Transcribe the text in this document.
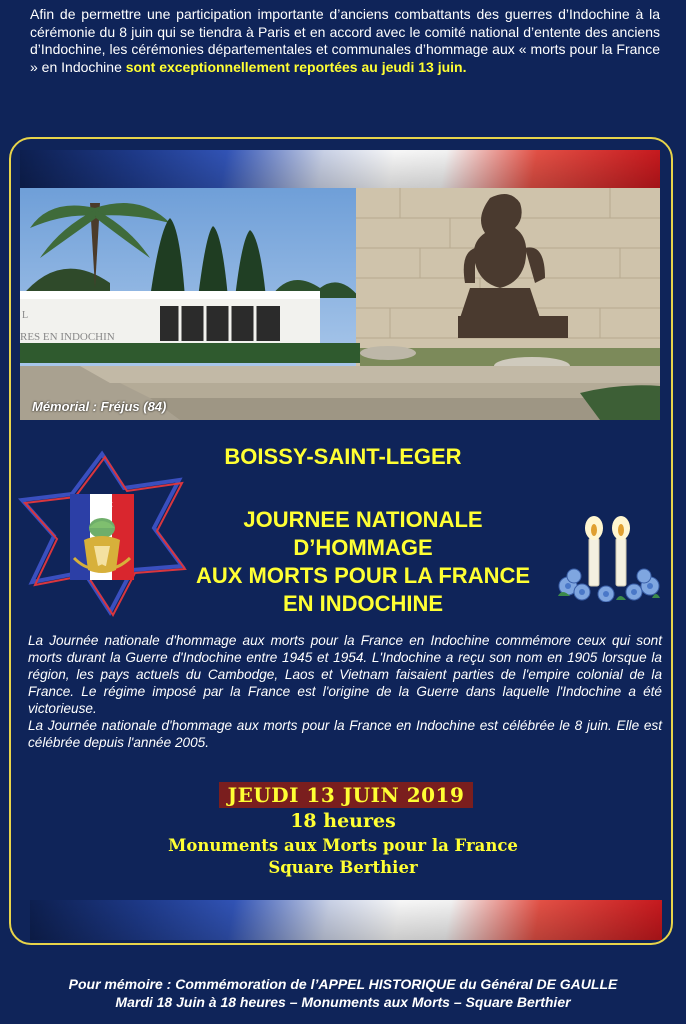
Afin de permettre une participation importante d’anciens combattants des guerres d’Indochine à la cérémonie du 8 juin qui se tiendra à Paris et en accord avec le comité national d’entente des anciens d’Indochine, les cérémonies départementales et communales d’hommage aux « morts pour la France » en Indochine sont exceptionnellement reportées au jeudi 13 juin.
L
RES EN INDOCHIN
Mémorial : Fréjus (84)
BOISSY-SAINT-LEGER
UNC
JOURNEE NATIONALE
D’HOMMAGE
AUX MORTS POUR LA FRANCE
EN INDOCHINE
La Journée nationale d'hommage aux morts pour la France en Indochine commémore ceux qui sont morts durant la Guerre d'Indochine entre 1945 et 1954. L'Indochine a reçu son nom en 1905 lorsque la région, les pays actuels du Cambodge, Laos et Vietnam faisaient parties de l'empire colonial de la France. Le régime imposé par la France est l'origine de la Guerre dans laquelle l'Indochine a été victorieuse.
La Journée nationale d'hommage aux morts pour la France en Indochine est célébrée le 8 juin. Elle est célébrée depuis l'année 2005.
JEUDI 13 JUIN 2019
18 heures
Monuments aux Morts pour la France
Square Berthier
Pour mémoire : Commémoration de l’APPEL HISTORIQUE du Général DE GAULLE
Mardi 18 Juin à 18 heures – Monuments aux Morts – Square Berthier
